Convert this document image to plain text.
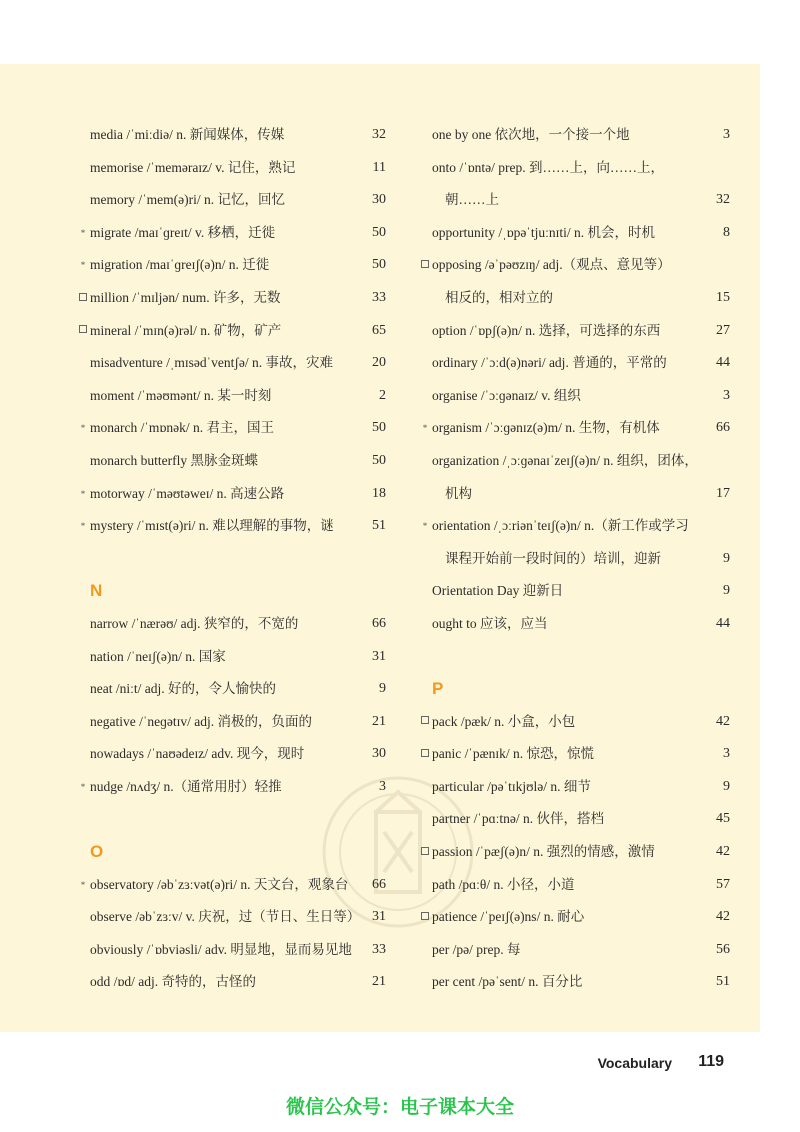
media /ˈmiːdiə/ n. 新闻媒体，传媒	32
memorise /ˈmeməraɪz/ v. 记住，熟记	11
memory /ˈmem(ə)ri/ n. 记忆，回忆	30
* migrate /maɪˈɡreɪt/ v. 移栖，迁徙	50
* migration /maɪˈɡreɪʃ(ə)n/ n. 迁徙	50
million /ˈmɪljən/ num. 许多，无数	33
mineral /ˈmɪn(ə)rəl/ n. 矿物，矿产	65
misadventure /ˌmɪsədˈventʃə/ n. 事故，灾难	20
moment /ˈməʊmənt/ n. 某一时刻	2
* monarch /ˈmɒnək/ n. 君主，国王	50
monarch butterfly 黑脉金斑蝶	50
* motorway /ˈməʊtəweɪ/ n. 高速公路	18
* mystery /ˈmɪst(ə)ri/ n. 难以理解的事物，谜	51
N
narrow /ˈnærəʊ/ adj. 狭窄的，不宽的	66
nation /ˈneɪʃ(ə)n/ n. 国家	31
neat /niːt/ adj. 好的，令人愉快的	9
negative /ˈneɡətɪv/ adj. 消极的，负面的	21
nowadays /ˈnaʊədeɪz/ adv. 现今，现时	30
* nudge /nʌdʒ/ n.（通常用肘）轻推	3
O
* observatory /əbˈzɜːvət(ə)ri/ n. 天文台，观象台 66
observe /əbˈzɜːv/ v. 庆祝，过（节日、生日等） 31
obviously /ˈɒbviəsli/ adv. 明显地，显而易见地 33
odd /ɒd/ adj. 奇特的，古怪的	21
one by one 依次地，一个接一个地	3
onto /ˈɒntə/ prep. 到……上，向……上，
朝……上	32
opportunity /ˌɒpəˈtjuːnɪti/ n. 机会，时机	8
opposing /əˈpəʊzɪŋ/ adj.（观点、意见等）
相反的，相对立的	15
option /ˈɒpʃ(ə)n/ n. 选择，可选择的东西	27
ordinary /ˈɔːd(ə)nəri/ adj. 普通的，平常的	44
organise /ˈɔːɡənaɪz/ v. 组织	3
* organism /ˈɔːɡənɪz(ə)m/ n. 生物，有机体	66
organization /ˌɔːɡənaɪˈzeɪʃ(ə)n/ n. 组织，团体，
机构	17
* orientation /ˌɔːriənˈteɪʃ(ə)n/ n.（新工作或学习
课程开始前一段时间的）培训，迎新	9
Orientation Day 迎新日	9
ought to 应该，应当	44
P
pack /pæk/ n. 小盒，小包	42
panic /ˈpænɪk/ n. 惊恐，惊慌	3
particular /pəˈtɪkjʊlə/ n. 细节	9
partner /ˈpɑːtnə/ n. 伙伴，搭档	45
passion /ˈpæʃ(ə)n/ n. 强烈的情感，激情	42
path /pɑːθ/ n. 小径，小道	57
patience /ˈpeɪʃ(ə)ns/ n. 耐心	42
per /pə/ prep. 每	56
per cent /pəˈsent/ n. 百分比	51
Vocabulary 119
微信公众号：电子课本大全
